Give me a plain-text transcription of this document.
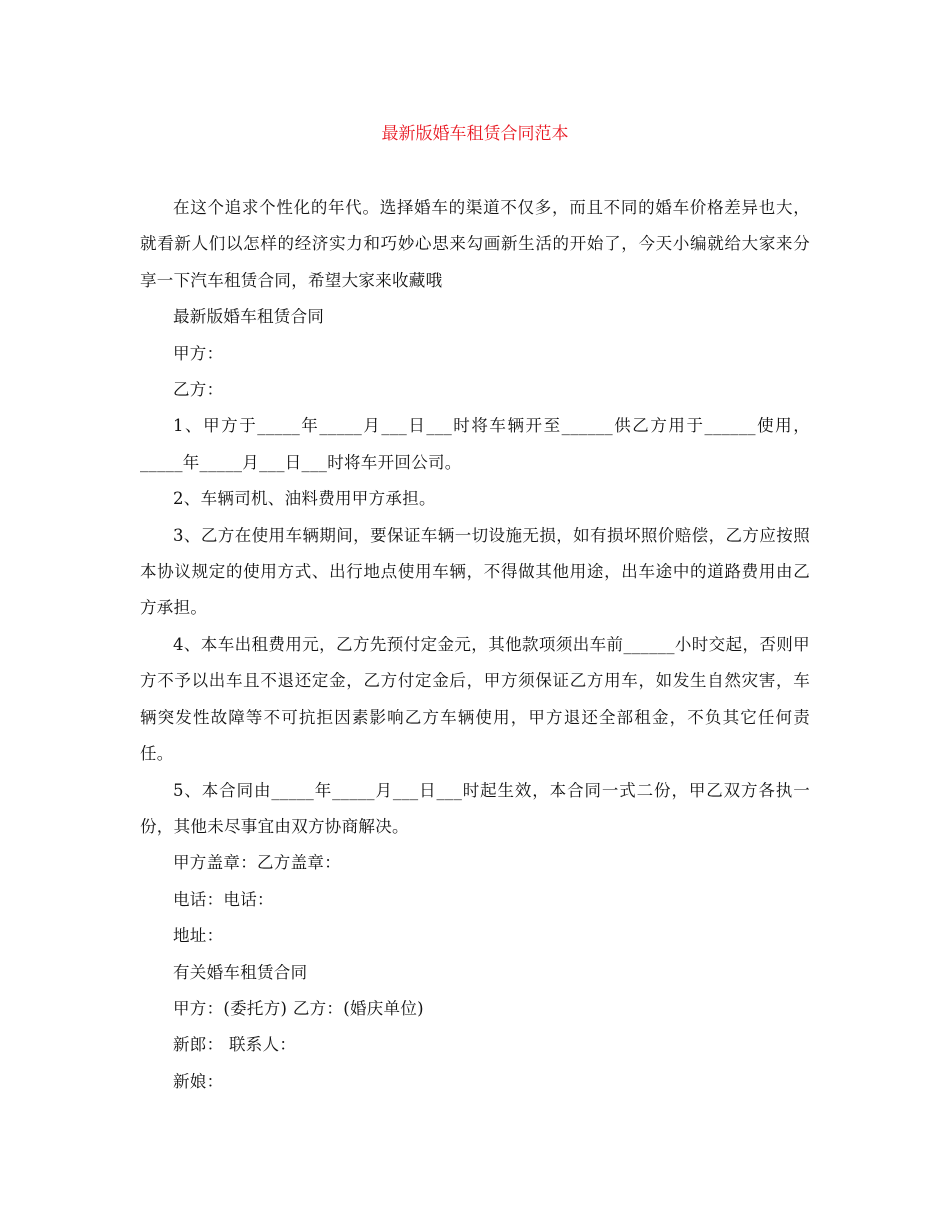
最新版婚车租赁合同范本

在这个追求个性化的年代。选择婚车的渠道不仅多，而且不同的婚车价格差异也大，就看新人们以怎样的经济实力和巧妙心思来勾画新生活的开始了，今天小编就给大家来分享一下汽车租赁合同，希望大家来收藏哦

最新版婚车租赁合同

甲方：

乙方：

1、甲方于_____年_____月___日___时将车辆开至______供乙方用于______使用，_____年_____月___日___时将车开回公司。

2、车辆司机、油料费用甲方承担。

3、乙方在使用车辆期间，要保证车辆一切设施无损，如有损坏照价赔偿，乙方应按照本协议规定的使用方式、出行地点使用车辆，不得做其他用途，出车途中的道路费用由乙方承担。

4、本车出租费用元，乙方先预付定金元，其他款项须出车前______小时交起，否则甲方不予以出车且不退还定金，乙方付定金后，甲方须保证乙方用车，如发生自然灾害，车辆突发性故障等不可抗拒因素影响乙方车辆使用，甲方退还全部租金，不负其它任何责任。

5、本合同由_____年_____月___日___时起生效，本合同一式二份，甲乙双方各执一份，其他未尽事宜由双方协商解决。

甲方盖章：乙方盖章：

电话：电话：

地址：

有关婚车租赁合同

甲方：(委托方) 乙方：(婚庆单位)

新郎： 联系人：

新娘：
